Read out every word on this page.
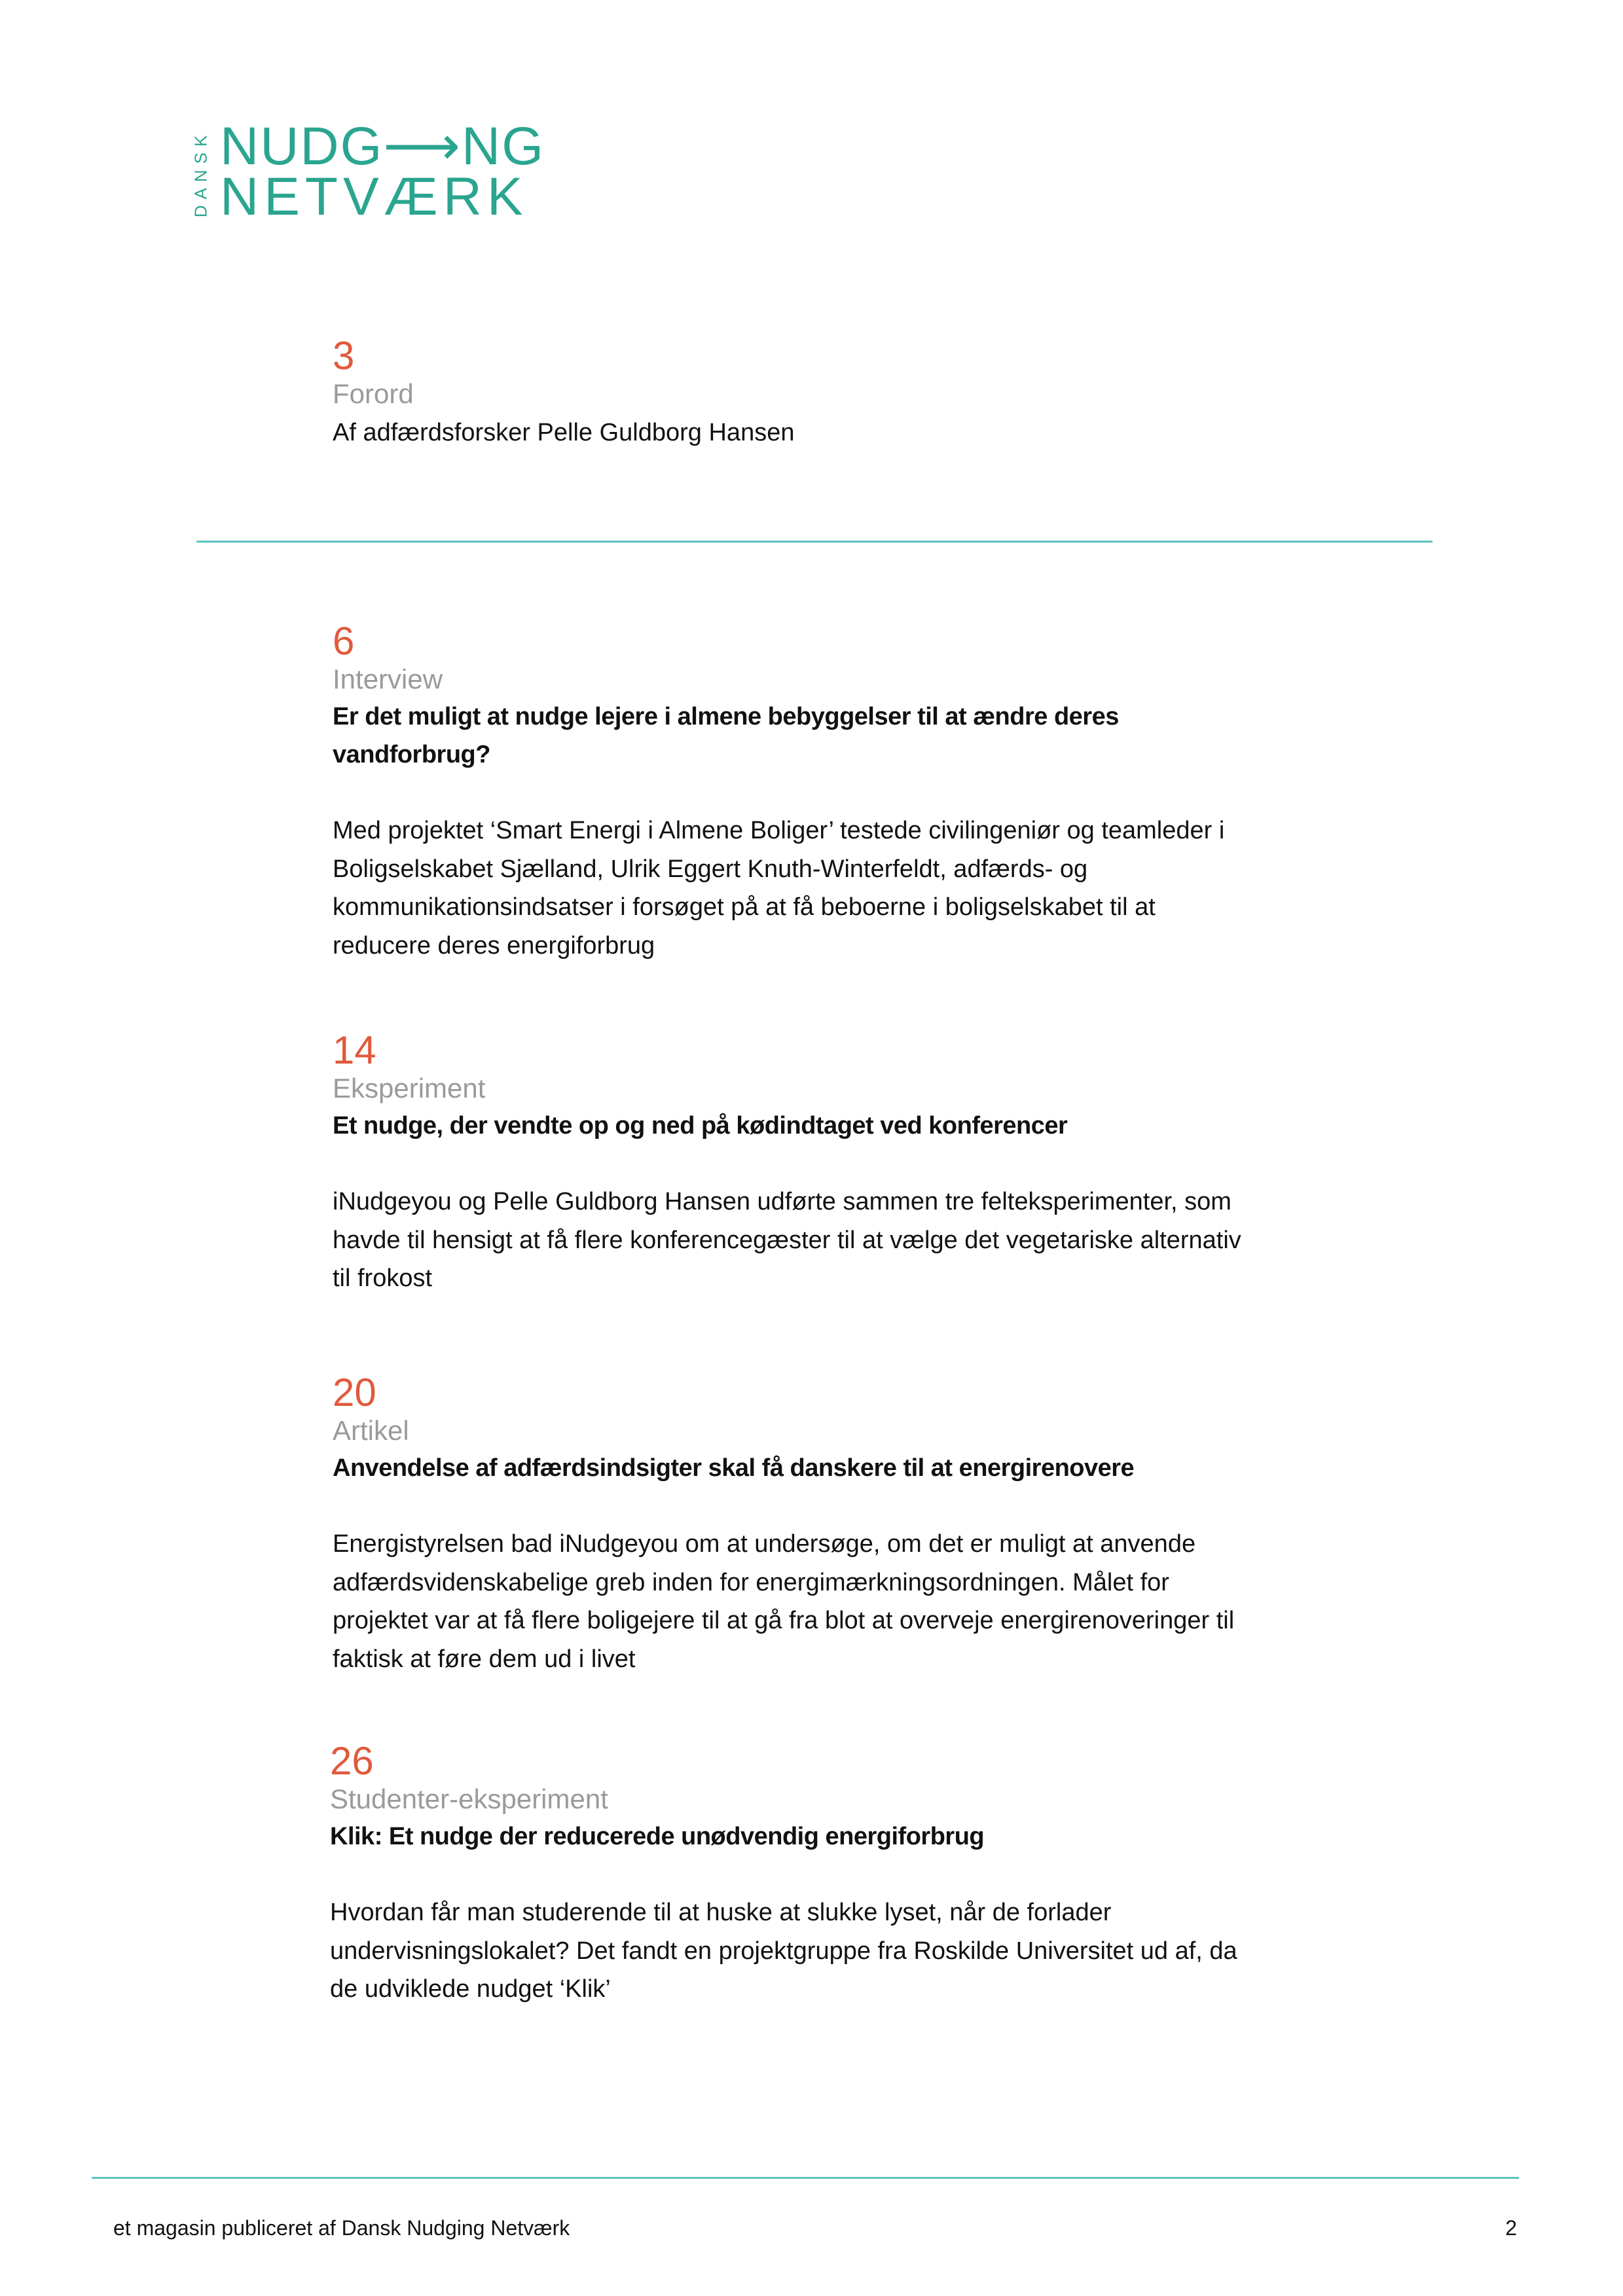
DANSK NUDG⟶NG
NETVÆRK
3
Forord
Af adfærdsforsker Pelle Guldborg Hansen
6
Interview
Er det muligt at nudge lejere i almene bebyggelser til at ændre deres vandforbrug?
Med projektet ‘Smart Energi i Almene Boliger’ testede civilingeniør og teamleder i Boligselskabet Sjælland, Ulrik Eggert Knuth-Winterfeldt, adfærds- og kommunikationsindsatser i forsøget på at få beboerne i boligselskabet til at reducere deres energiforbrug
14
Eksperiment
Et nudge, der vendte op og ned på kødindtaget ved konferencer
iNudgeyou og Pelle Guldborg Hansen udførte sammen tre felteksperimenter, som havde til hensigt at få flere konferencegæster til at vælge det vegetariske alternativ til frokost
20
Artikel
Anvendelse af adfærdsindsigter skal få danskere til at energirenovere
Energistyrelsen bad iNudgeyou om at undersøge, om det er muligt at anvende adfærdsvidenskabelige greb inden for energimærkningsordningen. Målet for projektet var at få flere boligejere til at gå fra blot at overveje energirenoveringer til faktisk at føre dem ud i livet
26
Studenter-eksperiment
Klik: Et nudge der reducerede unødvendig energiforbrug
Hvordan får man studerende til at huske at slukke lyset, når de forlader undervisningslokalet? Det fandt en projektgruppe fra Roskilde Universitet ud af, da de udviklede nudget ‘Klik’
et magasin publiceret af Dansk Nudging Netværk	2
